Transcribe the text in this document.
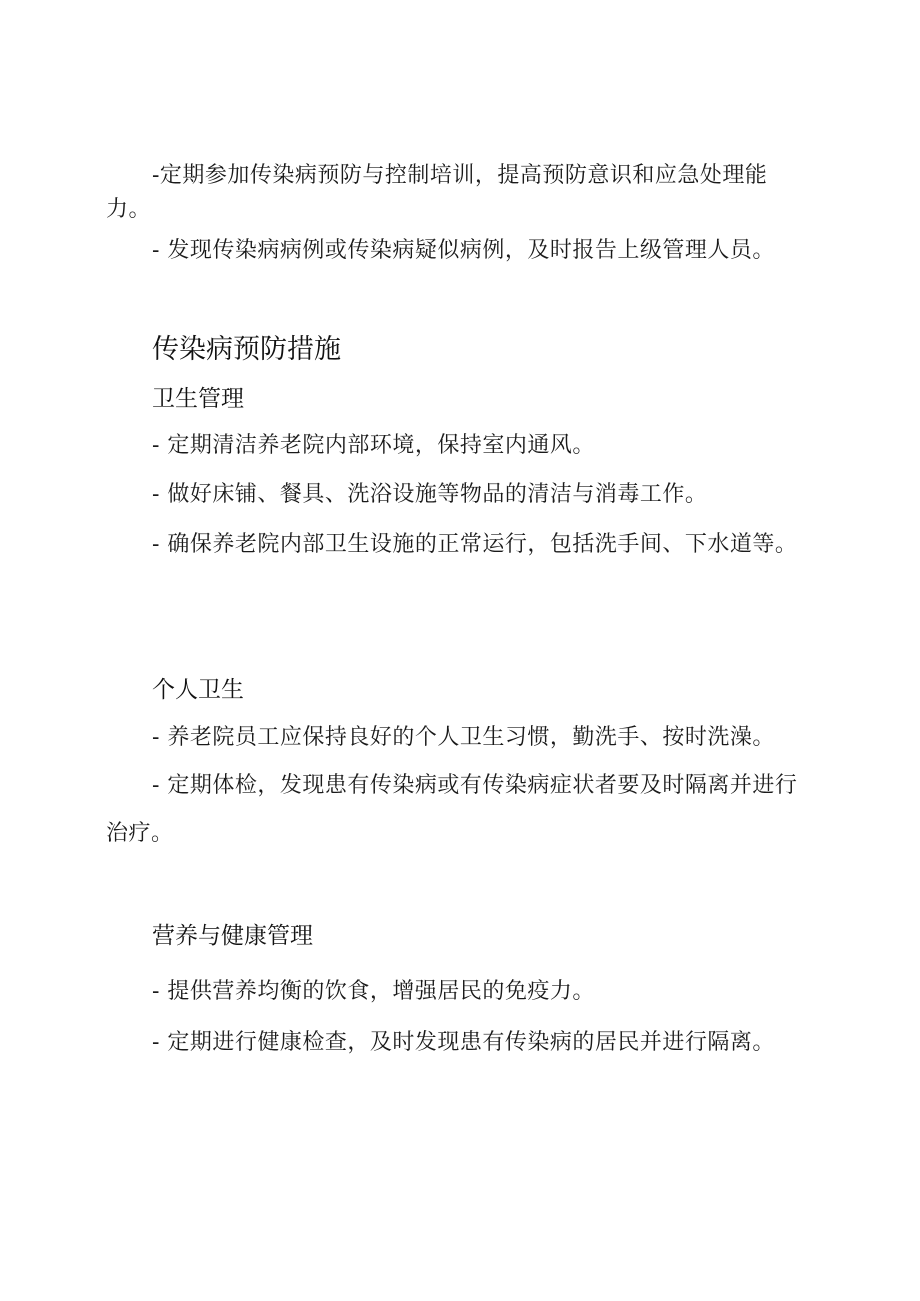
-定期参加传染病预防与控制培训，提高预防意识和应急处理能力。

- 发现传染病病例或传染病疑似病例，及时报告上级管理人员。

传染病预防措施
卫生管理

- 定期清洁养老院内部环境，保持室内通风。

- 做好床铺、餐具、洗浴设施等物品的清洁与消毒工作。

- 确保养老院内部卫生设施的正常运行，包括洗手间、下水道等。

个人卫生

- 养老院员工应保持良好的个人卫生习惯，勤洗手、按时洗澡。

- 定期体检，发现患有传染病或有传染病症状者要及时隔离并进行治疗。

营养与健康管理

- 提供营养均衡的饮食，增强居民的免疫力。

- 定期进行健康检查，及时发现患有传染病的居民并进行隔离。
